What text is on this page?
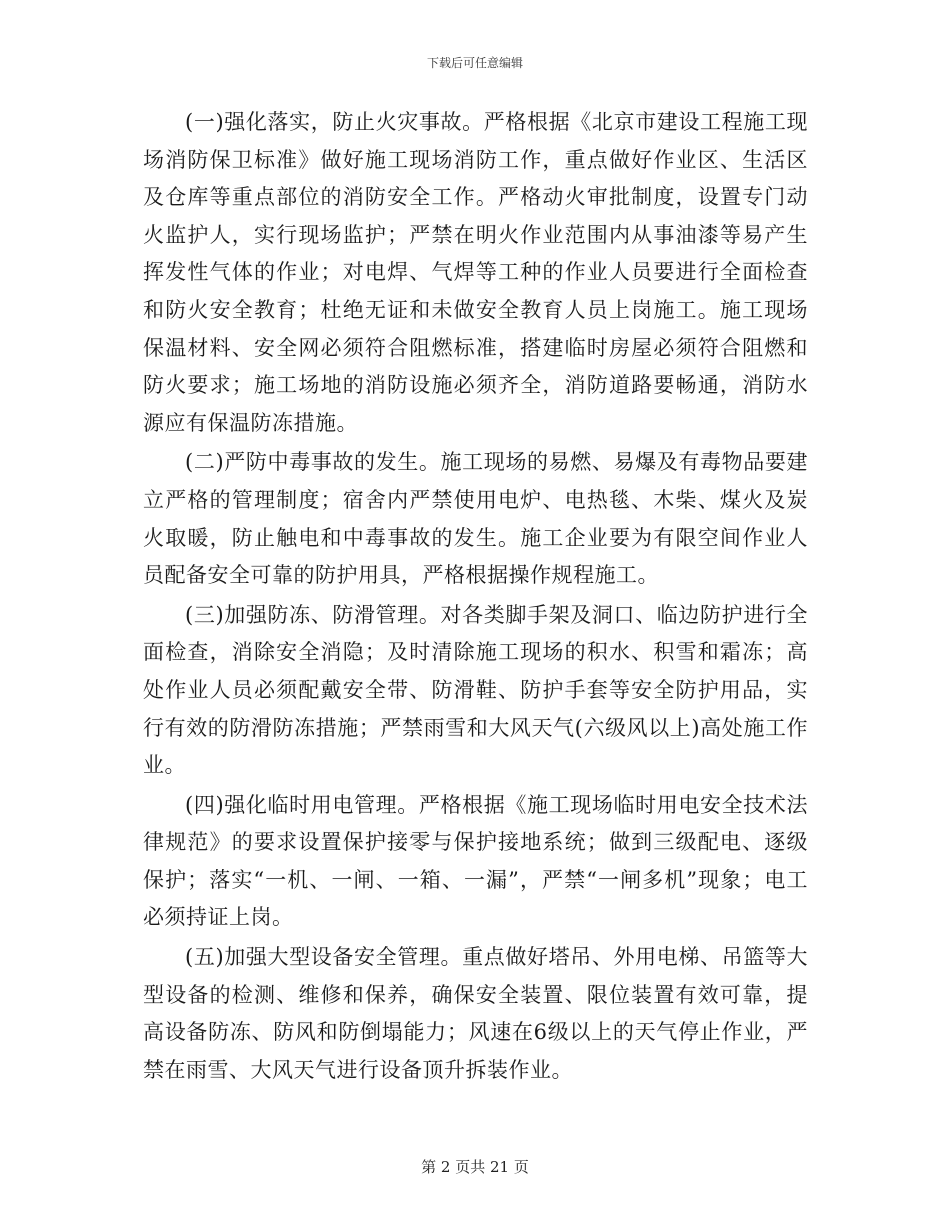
下载后可任意编辑

(一)强化落实，防止火灾事故。严格根据《北京市建设工程施工现场消防保卫标准》做好施工现场消防工作，重点做好作业区、生活区及仓库等重点部位的消防安全工作。严格动火审批制度，设置专门动火监护人，实行现场监护；严禁在明火作业范围内从事油漆等易产生挥发性气体的作业；对电焊、气焊等工种的作业人员要进行全面检查和防火安全教育；杜绝无证和未做安全教育人员上岗施工。施工现场保温材料、安全网必须符合阻燃标准，搭建临时房屋必须符合阻燃和防火要求；施工场地的消防设施必须齐全，消防道路要畅通，消防水源应有保温防冻措施。

(二)严防中毒事故的发生。施工现场的易燃、易爆及有毒物品要建立严格的管理制度；宿舍内严禁使用电炉、电热毯、木柴、煤火及炭火取暖，防止触电和中毒事故的发生。施工企业要为有限空间作业人员配备安全可靠的防护用具，严格根据操作规程施工。

(三)加强防冻、防滑管理。对各类脚手架及洞口、临边防护进行全面检查，消除安全消隐；及时清除施工现场的积水、积雪和霜冻；高处作业人员必须配戴安全带、防滑鞋、防护手套等安全防护用品，实行有效的防滑防冻措施；严禁雨雪和大风天气(六级风以上)高处施工作业。

(四)强化临时用电管理。严格根据《施工现场临时用电安全技术法律规范》的要求设置保护接零与保护接地系统；做到三级配电、逐级保护；落实“一机、一闸、一箱、一漏”，严禁“一闸多机”现象；电工必须持证上岗。

(五)加强大型设备安全管理。重点做好塔吊、外用电梯、吊篮等大型设备的检测、维修和保养，确保安全装置、限位装置有效可靠，提高设备防冻、防风和防倒塌能力；风速在6级以上的天气停止作业，严禁在雨雪、大风天气进行设备顶升拆装作业。

第 2 页共 21 页
